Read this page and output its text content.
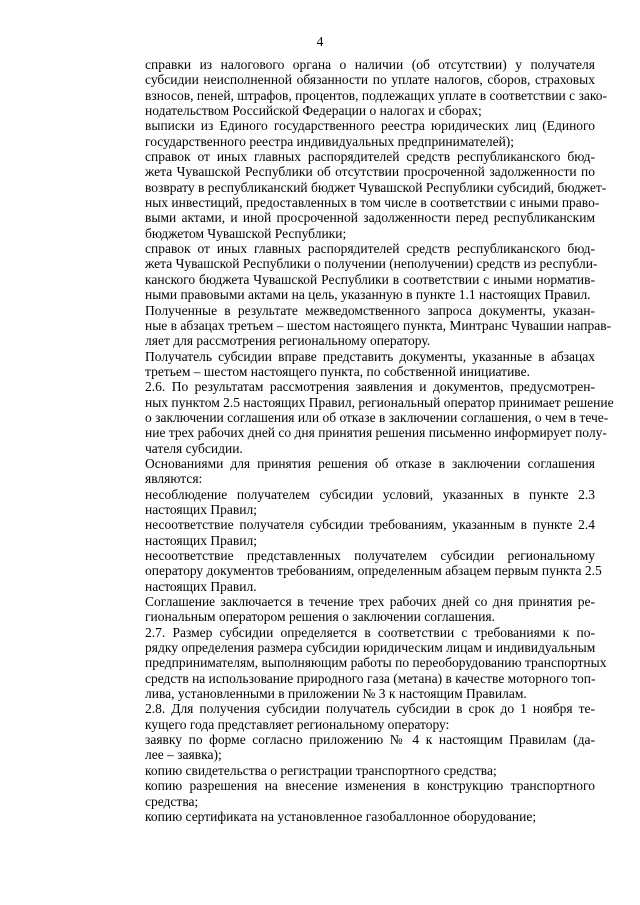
4

справки из налогового органа о наличии (об отсутствии) у получателя
субсидии неисполненной обязанности по уплате налогов, сборов, страховых
взносов, пеней, штрафов, процентов, подлежащих уплате в соответствии с зако-
нодательством Российской Федерации о налогах и сборах;

выписки из Единого государственного реестра юридических лиц (Единого
государственного реестра индивидуальных предпринимателей);

справок от иных главных распорядителей средств республиканского бюд-
жета Чувашской Республики об отсутствии просроченной задолженности по
возврату в республиканский бюджет Чувашской Республики субсидий, бюджет-
ных инвестиций, предоставленных в том числе в соответствии с иными право-
выми актами, и иной просроченной задолженности перед республиканским
бюджетом Чувашской Республики;

справок от иных главных распорядителей средств республиканского бюд-
жета Чувашской Республики о получении (неполучении) средств из республи-
канского бюджета Чувашской Республики в соответствии с иными норматив-
ными правовыми актами на цель, указанную в пункте 1.1 настоящих Правил.

Полученные в результате межведомственного запроса документы, указан-
ные в абзацах третьем – шестом настоящего пункта, Минтранс Чувашии направ-
ляет для рассмотрения региональному оператору.

Получатель субсидии вправе представить документы, указанные в абзацах
третьем – шестом настоящего пункта, по собственной инициативе.

2.6. По результатам рассмотрения заявления и документов, предусмотрен-
ных пунктом 2.5 настоящих Правил, региональный оператор принимает решение
о заключении соглашения или об отказе в заключении соглашения, о чем в тече-
ние трех рабочих дней со дня принятия решения письменно информирует полу-
чателя субсидии.

Основаниями для принятия решения об отказе в заключении соглашения
являются:

несоблюдение получателем субсидии условий, указанных в пункте 2.3
настоящих Правил;

несоответствие получателя субсидии требованиям, указанным в пункте 2.4
настоящих Правил;

несоответствие представленных получателем субсидии региональному
оператору документов требованиям, определенным абзацем первым пункта 2.5
настоящих Правил.

Соглашение заключается в течение трех рабочих дней со дня принятия ре-
гиональным оператором решения о заключении соглашения.

2.7. Размер субсидии определяется в соответствии с требованиями к по-
рядку определения размера субсидии юридическим лицам и индивидуальным
предпринимателям, выполняющим работы по переоборудованию транспортных
средств на использование природного газа (метана) в качестве моторного топ-
лива, установленными в приложении № 3 к настоящим Правилам.

2.8. Для получения субсидии получатель субсидии в срок до 1 ноября те-
кущего года представляет региональному оператору:

заявку по форме согласно приложению № 4 к настоящим Правилам (да-
лее – заявка);

копию свидетельства о регистрации транспортного средства;

копию разрешения на внесение изменения в конструкцию транспортного
средства;

копию сертификата на установленное газобаллонное оборудование;
